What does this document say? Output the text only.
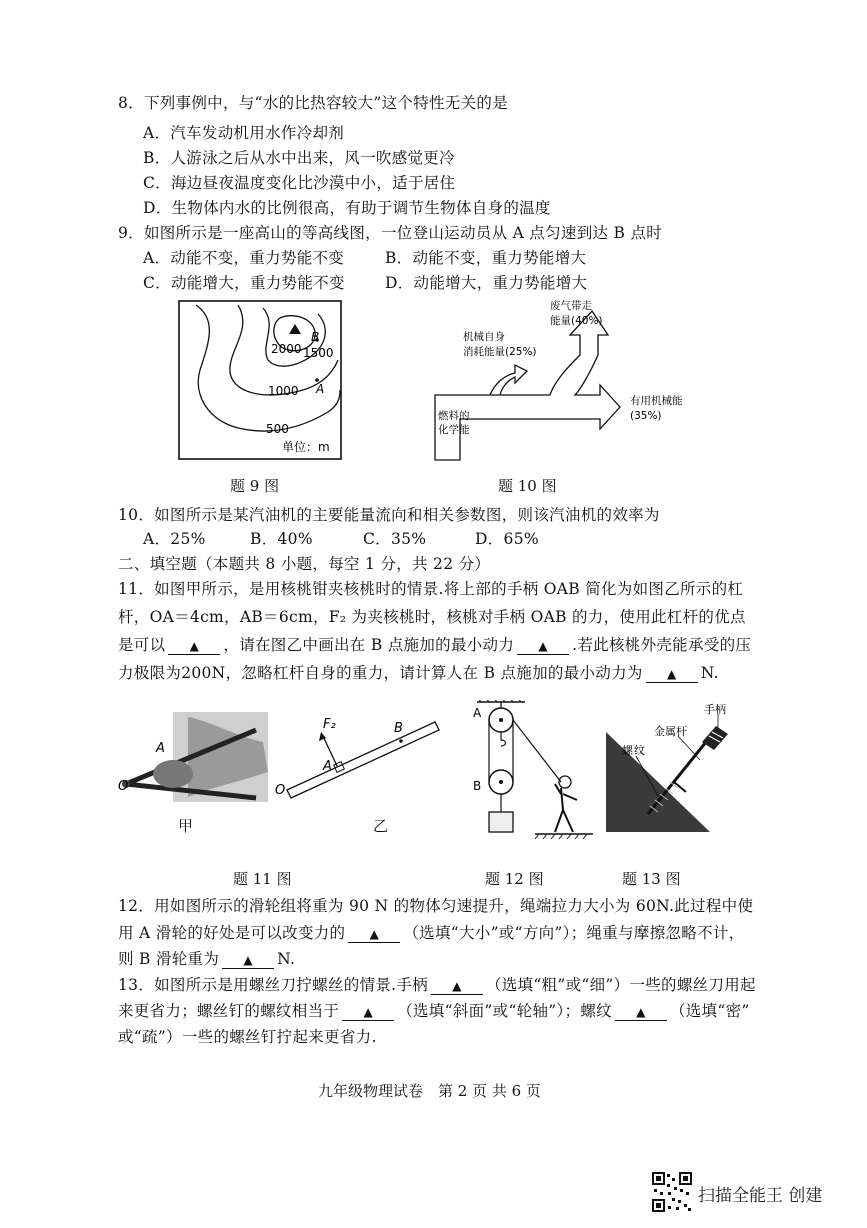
8．下列事例中，与“水的比热容较大”这个特性无关的是
A．汽车发动机用水作冷却剂
B．人游泳之后从水中出来，风一吹感觉更冷
C．海边昼夜温度变化比沙漠中小，适于居住
D．生物体内水的比例很高，有助于调节生物体自身的温度
9．如图所示是一座高山的等高线图，一位登山运动员从 A 点匀速到达 B 点时
A．动能不变，重力势能不变	B．动能不变，重力势能增大
C．动能增大，重力势能不变	D．动能增大，重力势能增大
2000 1500
1000
500
B
A
单位：m
题 9 图
燃料的
化学能
机械自身
消耗能量(25%)
废气带走
能量(40%)
有用机械能
(35%)
题 10 图
10．如图所示是某汽油机的主要能量流向和相关参数图，则该汽油机的效率为
A．25%	B．40%	C．35%	D．65%
二、填空题（本题共 8 小题，每空 1 分，共 22 分）
11．如图甲所示，是用核桃钳夹核桃时的情景.将上部的手柄 OAB 简化为如图乙所示的杠
杆，OA＝4cm，AB＝6cm，F₂ 为夹核桃时，核桃对手柄 OAB 的力，使用此杠杆的优点
是可以 ▲ ，请在图乙中画出在 B 点施加的最小动力 ▲ .若此核桃外壳能承受的压
力极限为200N，忽略杠杆自身的重力，请计算人在 B 点施加的最小动力为 ▲ N.
O
A
甲
O
A
B
F₂
乙
题 11 图
A
B
题 12 图
手柄
金属杆
螺 纹
题 13 图
12．用如图所示的滑轮组将重为 90 N 的物体匀速提升，绳端拉力大小为 60N.此过程中使
用 A 滑轮的好处是可以改变力的 ▲ （选填“大小”或“方向”）；绳重与摩擦忽略不计，
则 B 滑轮重为 ▲ N.
13．如图所示是用螺丝刀拧螺丝的情景.手柄 ▲ （选填“粗”或“细”）一些的螺丝刀用起
来更省力；螺丝钉的螺纹相当于 ▲ （选填“斜面”或“轮轴”）；螺纹 ▲ （选填“密”
或“疏”）一些的螺丝钉拧起来更省力.
九年级物理试卷　第 2 页 共 6 页
扫描全能王 创建
